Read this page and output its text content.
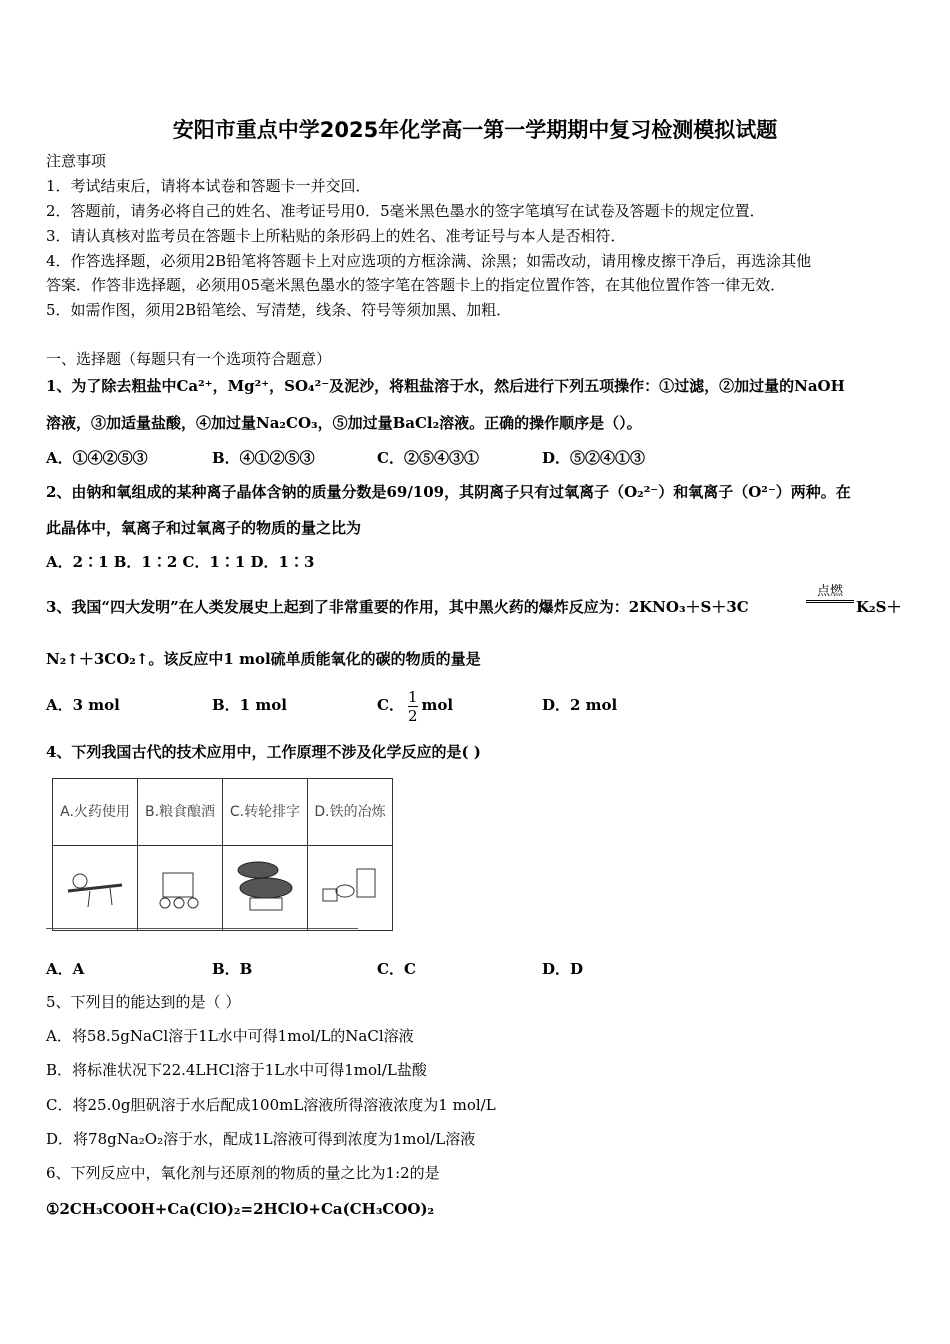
安阳市重点中学2025年化学高一第一学期期中复习检测模拟试题
注意事项
1．考试结束后，请将本试卷和答题卡一并交回．
2．答题前，请务必将自己的姓名、准考证号用0．5毫米黑色墨水的签字笔填写在试卷及答题卡的规定位置．
3．请认真核对监考员在答题卡上所粘贴的条形码上的姓名、准考证号与本人是否相符．
4．作答选择题，必须用2B铅笔将答题卡上对应选项的方框涂满、涂黑；如需改动，请用橡皮擦干净后，再选涂其他
答案．作答非选择题，必须用05毫米黑色墨水的签字笔在答题卡上的指定位置作答，在其他位置作答一律无效．
5．如需作图，须用2B铅笔绘、写清楚，线条、符号等须加黑、加粗．
一、选择题（每题只有一个选项符合题意）
1、为了除去粗盐中Ca²⁺，Mg²⁺，SO₄²⁻及泥沙，将粗盐溶于水，然后进行下列五项操作：①过滤，②加过量的NaOH
溶液，③加适量盐酸，④加过量Na₂CO₃，⑤加过量BaCl₂溶液。正确的操作顺序是（）。
A．①④②⑤③	B．④①②⑤③	C．②⑤④③①	D．⑤②④①③
2、由钠和氧组成的某种离子晶体含钠的质量分数是69/109，其阴离子只有过氧离子（O₂²⁻）和氧离子（O²⁻）两种。在
此晶体中，氧离子和过氧离子的物质的量之比为
A．2∶1 B．1∶2 C．1∶1 D．1∶3
3、我国“四大发明”在人类发展史上起到了非常重要的作用，其中黑火药的爆炸反应为：2KNO₃＋S＋3C
点燃
K₂S＋
N₂↑＋3CO₂↑。该反应中1 mol硫单质能氧化的碳的物质的量是
A．3 mol	B．1 mol	C． $\frac{1}{2}$ mol	D．2 mol
4、下列我国古代的技术应用中，工作原理不涉及化学反应的是( )
A.火药使用	B.粮食酿酒	C.转轮排字	D.铁的冶炼

A．A	B．B	C．C	D．D
5、下列目的能达到的是（ ）
A．将58.5gNaCl溶于1L水中可得1mol/L的NaCl溶液
B．将标准状况下22.4LHCl溶于1L水中可得1mol/L盐酸
C．将25.0g胆矾溶于水后配成100mL溶液所得溶液浓度为1 mol/L
D．将78gNa₂O₂溶于水，配成1L溶液可得到浓度为1mol/L溶液
6、下列反应中，氧化剂与还原剂的物质的量之比为1:2的是
①2CH₃COOH+Ca(ClO)₂=2HClO+Ca(CH₃COO)₂
